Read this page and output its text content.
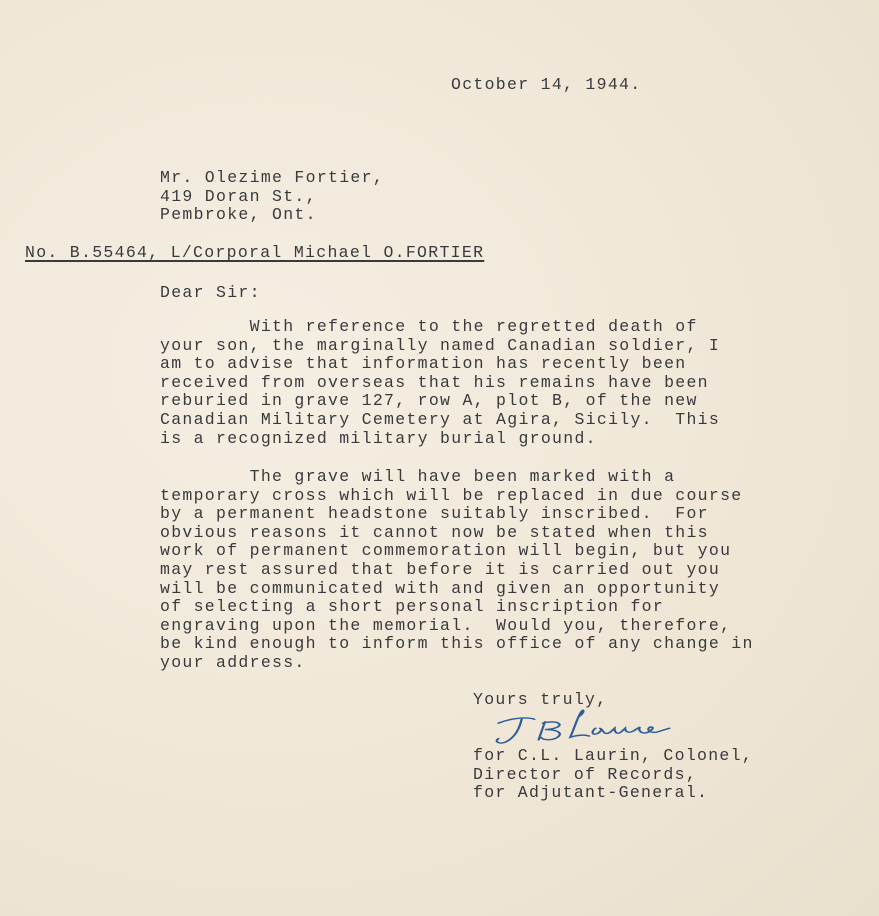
October 14, 1944.
Mr. Olezime Fortier,
419 Doran St.,
Pembroke, Ont.
No. B.55464, L/Corporal Michael O.FORTIER
Dear Sir:
With reference to the regretted death of
your son, the marginally named Canadian soldier, I
am to advise that information has recently been
received from overseas that his remains have been
reburied in grave 127, row A, plot B, of the new
Canadian Military Cemetery at Agira, Sicily.  This
is a recognized military burial ground.
The grave will have been marked with a
temporary cross which will be replaced in due course
by a permanent headstone suitably inscribed.  For
obvious reasons it cannot now be stated when this
work of permanent commemoration will begin, but you
may rest assured that before it is carried out you
will be communicated with and given an opportunity
of selecting a short personal inscription for
engraving upon the memorial.  Would you, therefore,
be kind enough to inform this office of any change in
your address.
Yours truly,
for C.L. Laurin, Colonel,
Director of Records,
for Adjutant-General.
